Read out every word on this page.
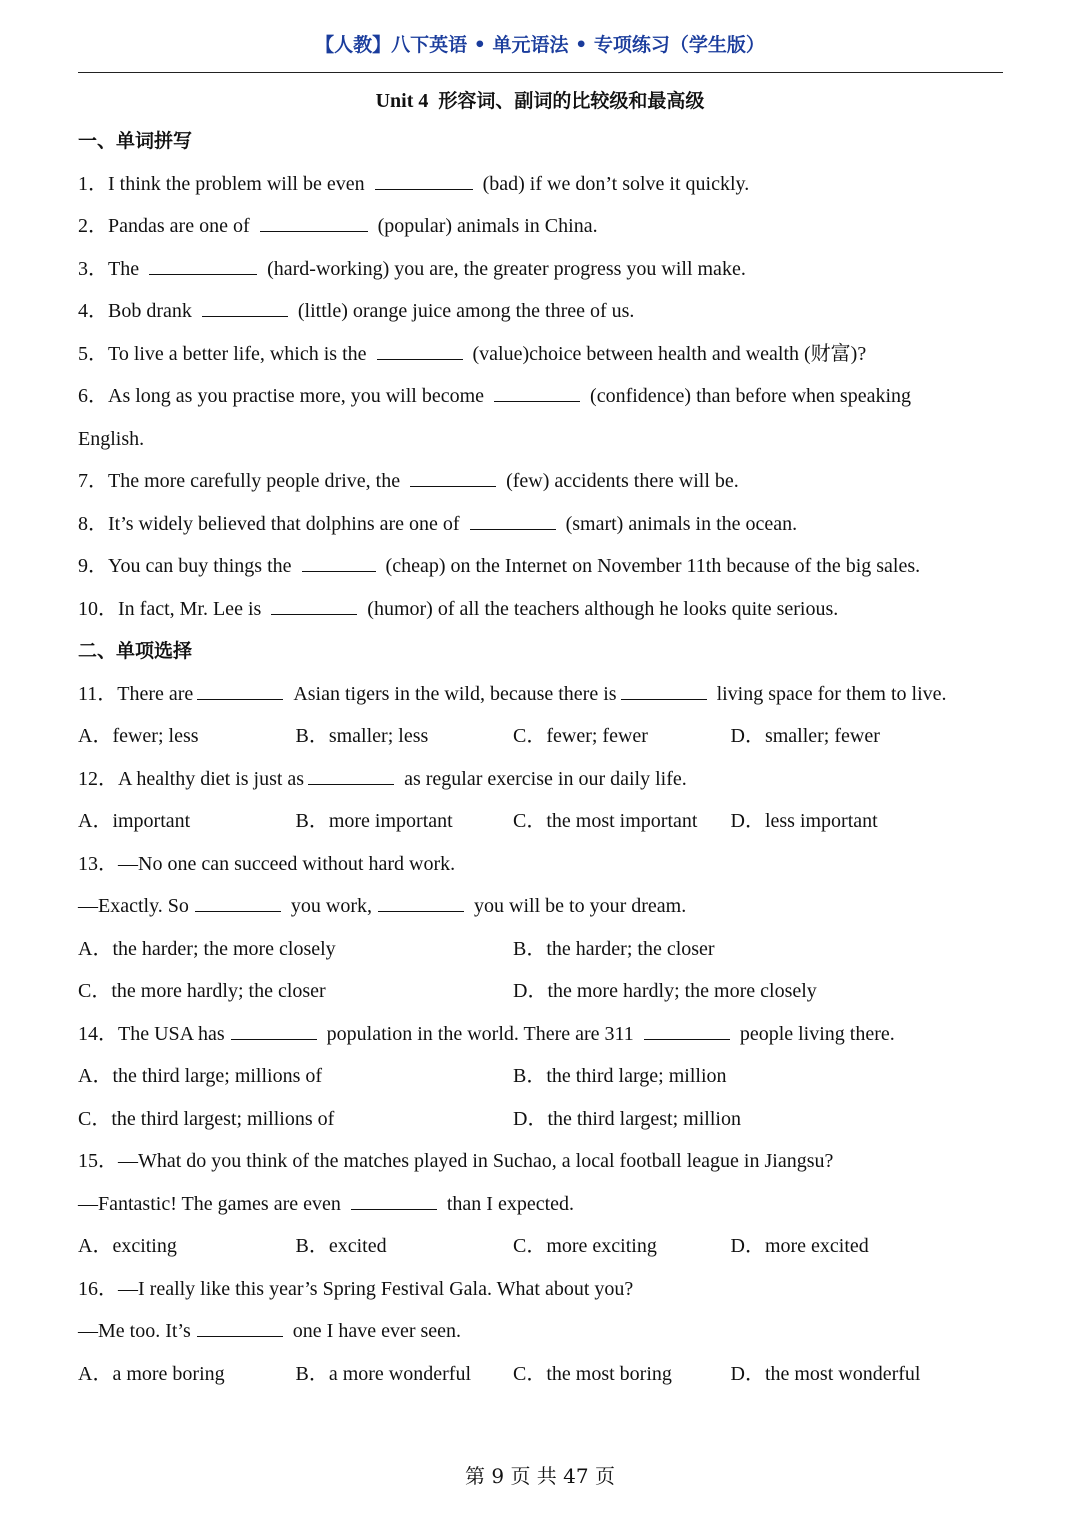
【人教】八下英语 • 单元语法 • 专项练习（学生版）
Unit 4 形容词、副词的比较级和最高级
一、单词拼写
1．I think the problem will be even	(bad) if we don’t solve it quickly.
2．Pandas are one of	(popular) animals in China.
3．The	(hard-working) you are, the greater progress you will make.
4．Bob drank	(little) orange juice among the three of us.
5．To live a better life, which is the	(value)choice between health and wealth (财富)?
6．As long as you practise more, you will become	(confidence) than before when speaking
English.
7．The more carefully people drive, the	(few) accidents there will be.
8．It’s widely believed that dolphins are one of	(smart) animals in the ocean.
9．You can buy things the	(cheap) on the Internet on November 11th because of the big sales.
10．In fact, Mr. Lee is	(humor) of all the teachers although he looks quite serious.
二、单项选择
11．There are	Asian tigers in the wild, because there is	living space for them to live.
A．fewer; less	B．smaller; less	C．fewer; fewer	D．smaller; fewer
12．A healthy diet is just as	as regular exercise in our daily life.
A．important	B．more important	C．the most important	D．less important
13．—No one can succeed without hard work.
—Exactly. So	you work,	you will be to your dream.
A．the harder; the more closely	B．the harder; the closer
C．the more hardly; the closer	D．the more hardly; the more closely
14．The USA has	population in the world. There are 311	people living there.
A．the third large; millions of	B．the third large; million
C．the third largest; millions of	D．the third largest; million
15．—What do you think of the matches played in Suchao, a local football league in Jiangsu?
—Fantastic! The games are even	than I expected.
A．exciting	B．excited	C．more exciting	D．more excited
16．—I really like this year’s Spring Festival Gala. What about you?
—Me too. It’s	one I have ever seen.
A．a more boring	B．a more wonderful	C．the most boring	D．the most wonderful
第 9 页 共 47 页
